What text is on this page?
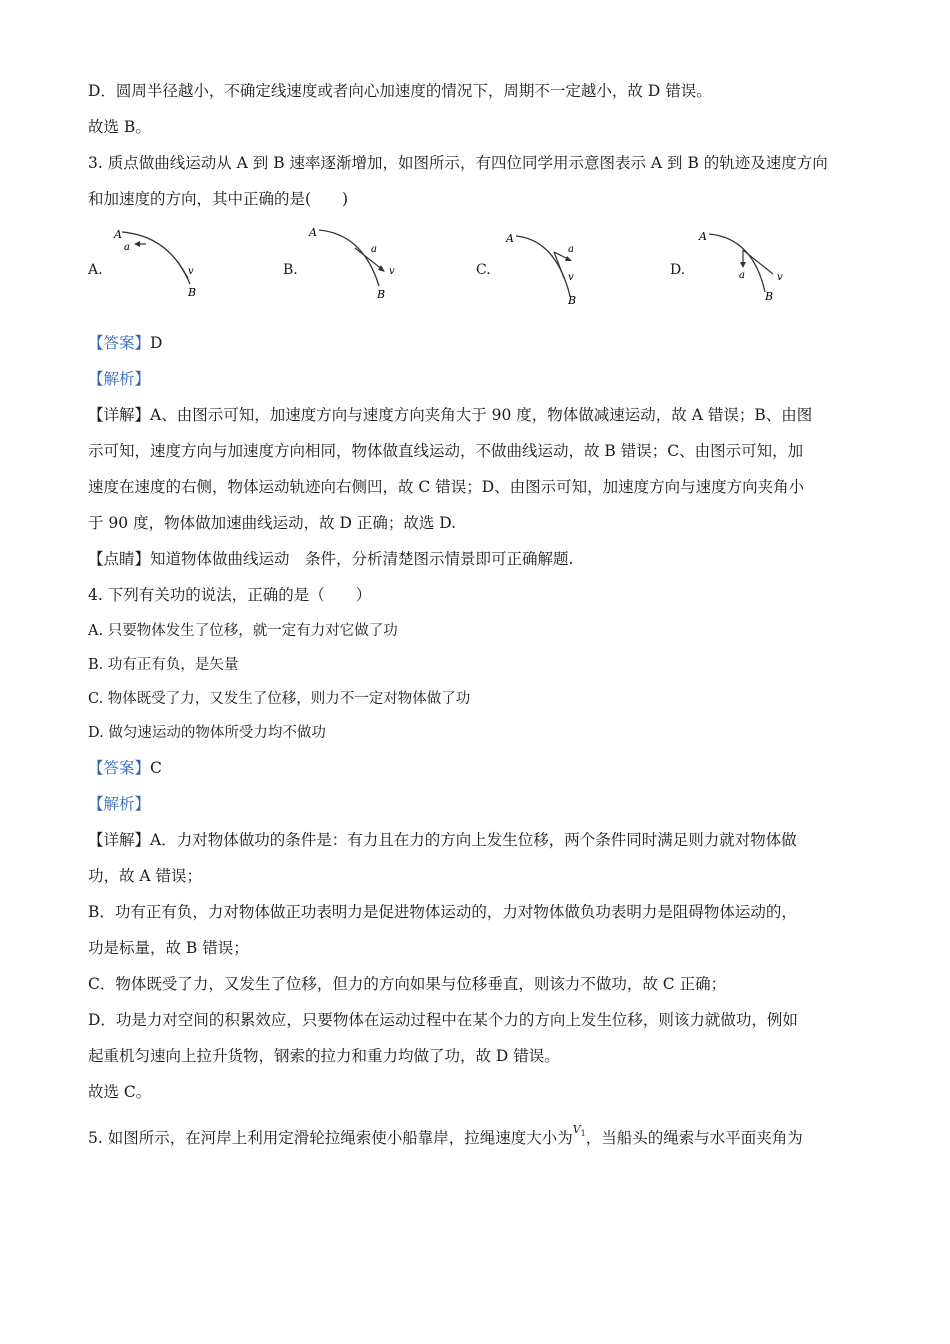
D．圆周半径越小，不确定线速度或者向心加速度的情况下，周期不一定越小，故 D 错误。
故选 B。
3. 质点做曲线运动从 A 到 B 速率逐渐增加，如图所示，有四位同学用示意图表示 A 到 B 的轨迹及速度方向
和加速度的方向，其中正确的是(　　)
A.
A
a
v
B
B.
A
a
v
B
C.
A
a
v
B
D.
A
a	v
B
【答案】D
【解析】
【详解】A、由图示可知，加速度方向与速度方向夹角大于 90 度，物体做减速运动，故 A 错误；B、由图
示可知，速度方向与加速度方向相同，物体做直线运动，不做曲线运动，故 B 错误；C、由图示可知，加
速度在速度的右侧，物体运动轨迹向右侧凹，故 C 错误；D、由图示可知，加速度方向与速度方向夹角小
于 90 度，物体做加速曲线运动，故 D 正确；故选 D.
【点睛】知道物体做曲线运动　条件，分析清楚图示情景即可正确解题.
4. 下列有关功的说法，正确的是（　　）
A. 只要物体发生了位移，就一定有力对它做了功
B. 功有正有负，是矢量
C. 物体既受了力，又发生了位移，则力不一定对物体做了功
D. 做匀速运动的物体所受力均不做功
【答案】C
【解析】
【详解】A．力对物体做功的条件是：有力且在力的方向上发生位移，两个条件同时满足则力就对物体做
功，故 A 错误；
B．功有正有负，力对物体做正功表明力是促进物体运动的，力对物体做负功表明力是阻碍物体运动的，
功是标量，故 B 错误；
C．物体既受了力，又发生了位移，但力的方向如果与位移垂直，则该力不做功，故 C 正确；
D．功是力对空间的积累效应，只要物体在运动过程中在某个力的方向上发生位移，则该力就做功，例如
起重机匀速向上拉升货物，钢索的拉力和重力均做了功，故 D 错误。
故选 C。
5. 如图所示，在河岸上利用定滑轮拉绳索使小船靠岸，拉绳速度大小为$^{V_1}$，当船头的绳索与水平面夹角为
